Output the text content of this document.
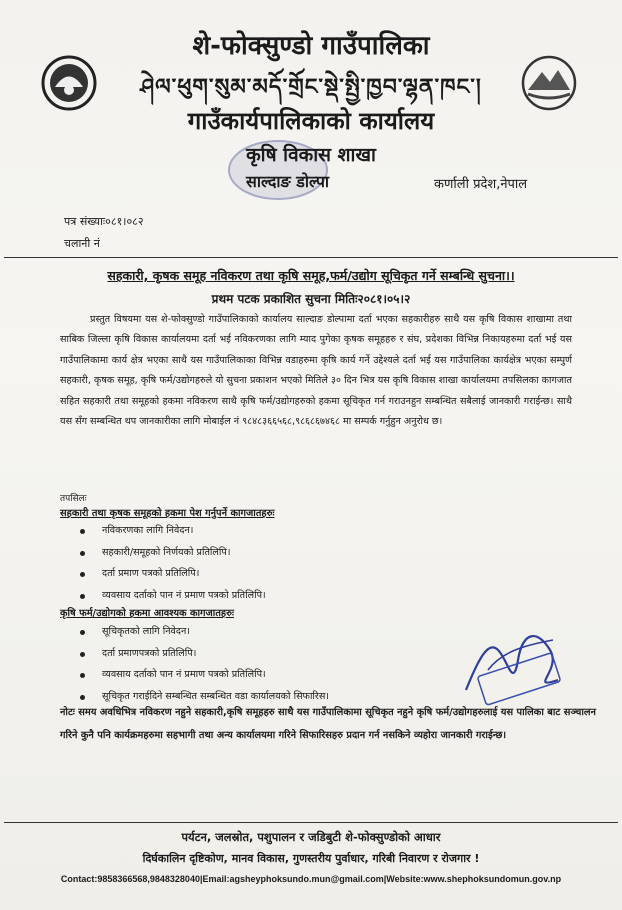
शे-फोक्सुण्डो गाउँपालिका
ཤེལ་ཕུག་སུམ་མདོ་གྲོང་སྡེ་སྤྱི་ཁྱབ་ལྷན་ཁང་།
गाउँकार्यपालिकाको कार्यालय
कृषि विकास शाखा
साल्दाङ डोल्पा	कर्णाली प्रदेश,नेपाल
पत्र संख्याः०८१।०८२
चलानी नं
सहकारी, कृषक समूह नविकरण तथा कृषि समूह,फर्म/उद्योग सूचिकृत गर्ने सम्बन्धि सुचना।।
प्रथम पटक प्रकाशित सुचना मितिः२०८१।०५।२
प्रस्तुत विषयमा यस शे-फोक्सुण्डो गाउँपालिकाको कार्यालय साल्दाङ डोल्पामा दर्ता भएका सहकारीहरु साथै यस कृषि विकास शाखामा तथा साबिक जिल्ला कृषि विकास कार्यालयमा दर्ता भई नविकरणका लागि म्याद पुगेका कृषक समूहहरु र संघ, प्रदेशका विभिन्न निकायहरुमा दर्ता भई यस गाउँपालिकामा कार्य क्षेत्र भएका साथै यस गाउँपालिकाका विभिन्न वडाहरुमा कृषि कार्य गर्ने उद्देश्यले दर्ता भई यस गाउँपालिका कार्यक्षेत्र भएका सम्पुर्ण सहकारी, कृषक समूह, कृषि फर्म/उद्योगहरुले यो सुचना प्रकाशन भएको मितिले ३० दिन भित्र यस कृषि विकास शाखा कार्यालयमा तपसिलका कागजात सहित सहकारी तथा समूहको हकमा नविकरण साथै कृषि फर्म/उद्योगहरुको हकमा सूचिकृत गर्न गराउनहुन सम्बन्धित सबैलाई जानकारी गराईन्छ। साथै यस सँग सम्बन्धित थप जानकारीका लागि मोबाईल नं ९८४८३६६५६८,९८६८६७४६८ मा सम्पर्क गर्नुहुन अनुरोध छ।
तपसिलः
सहकारी तथा कृषक समूहको हकमा पेश गर्नुपर्ने कागजातहरुः
नविकरणका लागि निवेदन।
सहकारी/समूहको निर्णयको प्रतिलिपि।
दर्ता प्रमाण पत्रको प्रतिलिपि।
व्यवसाय दर्ताको पान नं प्रमाण पत्रको प्रतिलिपि।
कृषि फर्म/उद्योगको हकमा आवश्यक कागजातहरुः
सूचिकृतको लागि निवेदन।
दर्ता प्रमाणपत्रको प्रतिलिपि।
व्यवसाय दर्ताको पान नं प्रमाण पत्रको प्रतिलिपि।
सूचिकृत गराईदिने सम्बन्धित सम्बन्धित वडा कार्यालयको सिफारिस।
नोटः समय अवधिभित्र नविकरण नहुने सहकारी,कृषि समूहहरु साथै यस गाउँपालिकामा सूचिकृत नहुने कृषि फर्म/उद्योगहरुलाई यस पालिका बाट सञ्चालन गरिने कुनै पनि कार्यक्रमहरुमा सहभागी तथा अन्य कार्यालयमा गरिने सिफारिसहरु प्रदान गर्न नसकिने व्यहोरा जानकारी गराईन्छ।
पर्यटन, जलस्रोत, पशुपालन र जडिबुटी शे-फोक्सुण्डोको आधार
दिर्घकालिन दृष्टिकोण, मानव विकास, गुणस्तरीय पुर्वाधार, गरिबी निवारण र रोजगार !
Contact:9858366568,9848328040|Email:agsheyphoksundo.mun@gmail.com|Website:www.shephoksundomun.gov.np
